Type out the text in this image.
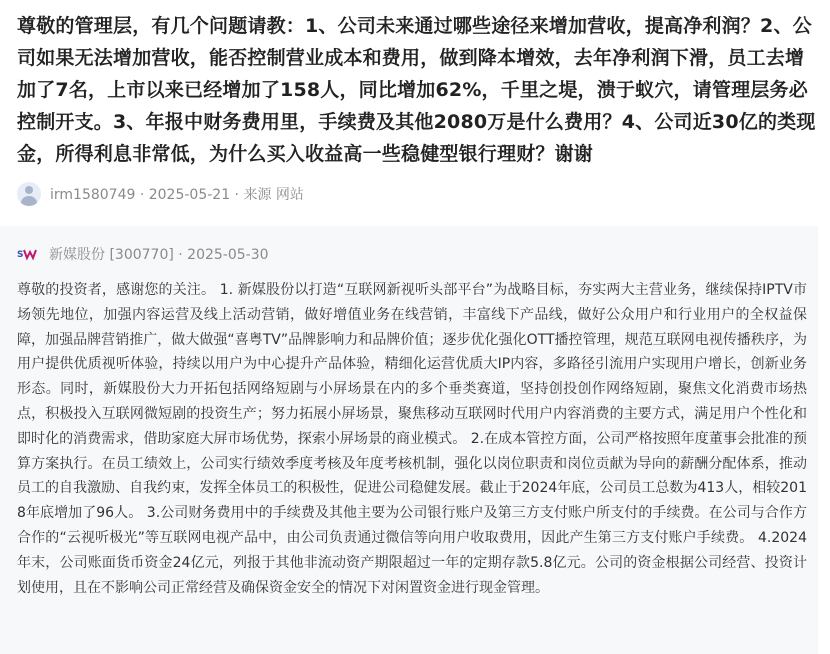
尊敬的管理层，有几个问题请教：1、公司未来通过哪些途径来增加营收，提高净利润？2、公司如果无法增加营收，能否控制营业成本和费用，做到降本增效，去年净利润下滑，员工去增加了7名，上市以来已经增加了158人，同比增加62%，千里之堤，溃于蚁穴，请管理层务必控制开支。3、年报中财务费用里，手续费及其他2080万是什么费用？4、公司近30亿的类现金，所得利息非常低，为什么买入收益高一些稳健型银行理财？谢谢
irm1580749 · 2025-05-21 · 来源 网站
S 新媒股份 [300770] · 2025-05-30
尊敬的投资者，感谢您的关注。 1. 新媒股份以打造“互联网新视听头部平台”为战略目标，夯实两大主营业务，继续保持IPTV市场领先地位，加强内容运营及线上活动营销，做好增值业务在线营销，丰富线下产品线，做好公众用户和行业用户的全权益保障，加强品牌营销推广，做大做强“喜粤TV”品牌影响力和品牌价值；逐步优化强化OTT播控管理，规范互联网电视传播秩序，为用户提供优质视听体验，持续以用户为中心提升产品体验，精细化运营优质大IP内容，多路径引流用户实现用户增长，创新业务形态。同时，新媒股份大力开拓包括网络短剧与小屏场景在内的多个垂类赛道，坚持创投创作网络短剧，聚焦文化消费市场热点，积极投入互联网微短剧的投资生产；努力拓展小屏场景，聚焦移动互联网时代用户内容消费的主要方式，满足用户个性化和即时化的消费需求，借助家庭大屏市场优势，探索小屏场景的商业模式。 2.在成本管控方面，公司严格按照年度董事会批准的预算方案执行。在员工绩效上，公司实行绩效季度考核及年度考核机制，强化以岗位职责和岗位贡献为导向的薪酬分配体系，推动员工的自我激励、自我约束，发挥全体员工的积极性，促进公司稳健发展。截止于2024年底，公司员工总数为413人，相较2018年底增加了96人。 3.公司财务费用中的手续费及其他主要为公司银行账户及第三方支付账户所支付的手续费。在公司与合作方合作的“云视听极光”等互联网电视产品中，由公司负责通过微信等向用户收取费用，因此产生第三方支付账户手续费。 4.2024年末，公司账面货币资金24亿元，列报于其他非流动资产期限超过一年的定期存款5.8亿元。公司的资金根据公司经营、投资计划使用，且在不影响公司正常经营及确保资金安全的情况下对闲置资金进行现金管理。
